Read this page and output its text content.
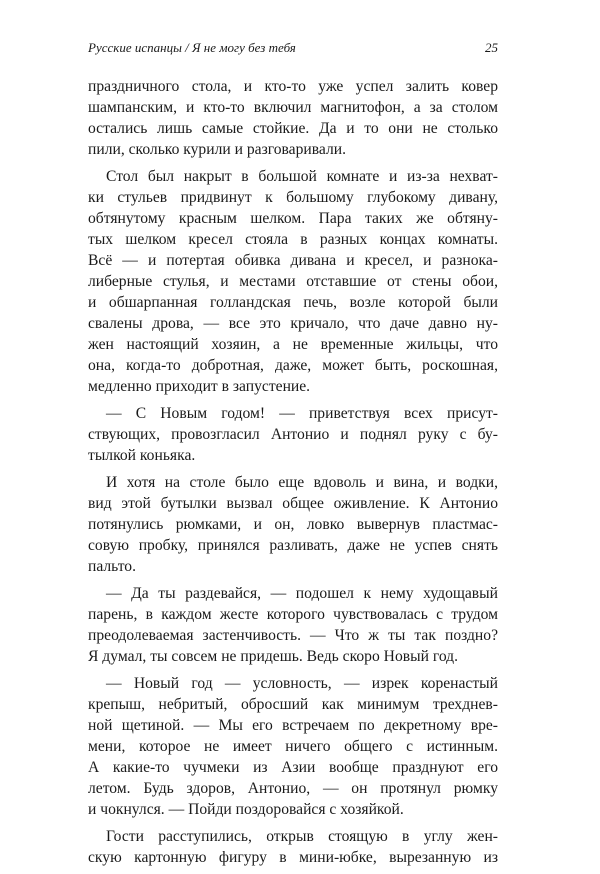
Русские испанцы / Я не могу без тебя	25
праздничного стола, и кто-то уже успел залить ковер
шампанским, и кто-то включил магнитофон, а за столом
остались лишь самые стойкие. Да и то они не столько
пили, сколько курили и разговаривали.
Стол был накрыт в большой комнате и из-за нехват-
ки стульев придвинут к большому глубокому дивану,
обтянутому красным шелком. Пара таких же обтяну-
тых шелком кресел стояла в разных концах комнаты.
Всё — и потертая обивка дивана и кресел, и разнока-
либерные стулья, и местами отставшие от стены обои,
и обшарпанная голландская печь, возле которой были
свалены дрова, — все это кричало, что даче давно ну-
жен настоящий хозяин, а не временные жильцы, что
она, когда-то добротная, даже, может быть, роскошная,
медленно приходит в запустение.
— С Новым годом! — приветствуя всех присут-
ствующих, провозгласил Антонио и поднял руку с бу-
тылкой коньяка.
И хотя на столе было еще вдоволь и вина, и водки,
вид этой бутылки вызвал общее оживление. К Антонио
потянулись рюмками, и он, ловко вывернув пластмас-
совую пробку, принялся разливать, даже не успев снять
пальто.
— Да ты раздевайся, — подошел к нему худощавый
парень, в каждом жесте которого чувствовалась с трудом
преодолеваемая застенчивость. — Что ж ты так поздно?
Я думал, ты совсем не придешь. Ведь скоро Новый год.
— Новый год — условность, — изрек коренастый
крепыш, небритый, обросший как минимум трехднев-
ной щетиной. — Мы его встречаем по декретному вре-
мени, которое не имеет ничего общего с истинным.
А какие-то чучмеки из Азии вообще празднуют его
летом. Будь здоров, Антонио, — он протянул рюмку
и чокнулся. — Пойди поздоровайся с хозяйкой.
Гости расступились, открыв стоящую в углу жен-
скую картонную фигуру в мини-юбке, вырезанную из
